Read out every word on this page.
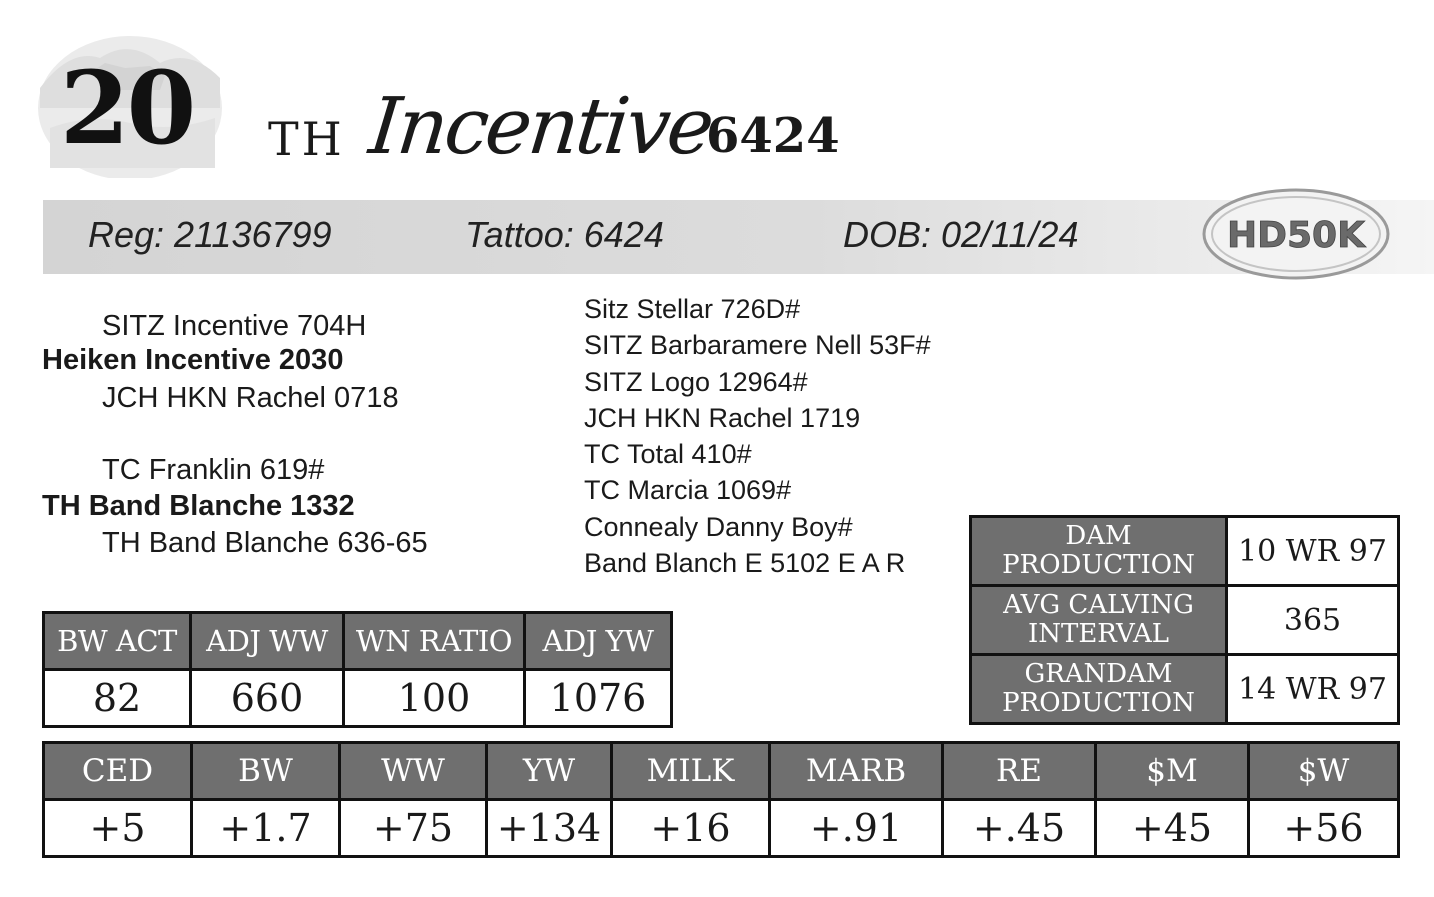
20 TH Incentive
6424
Reg: 21136799	Tattoo: 6424	DOB: 02/11/24	HD50K
SITZ Incentive 704H
Heiken Incentive 2030
JCH HKN Rachel 0718
TC Franklin 619#
TH Band Blanche 1332
TH Band Blanche 636-65
Sitz Stellar 726D#
SITZ Barbaramere Nell 53F#
SITZ Logo 12964#
JCH HKN Rachel 1719
TC Total 410#
TC Marcia 1069#
Connealy Danny Boy#
Band Blanch E 5102 E A R
BW ACT	ADJ WW	WN RATIO	ADJ YW
82	660	100	1076
DAM PRODUCTION	10 WR 97
AVG CALVING INTERVAL	365
GRANDAM PRODUCTION	14 WR 97
CED	BW	WW	YW	MILK	MARB	RE	$M	$W
+5	+1.7	+75	+134	+16	+.91	+.45	+45	+56
